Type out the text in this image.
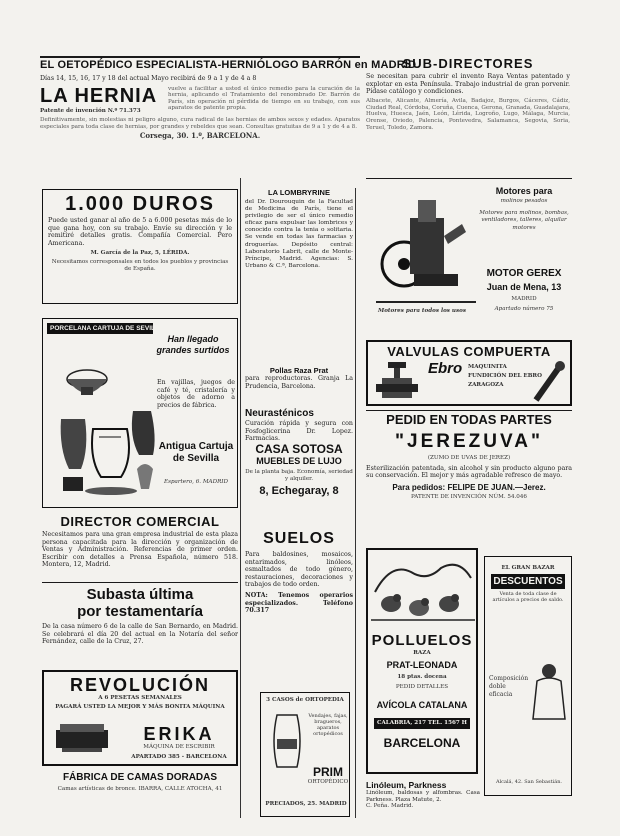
EL OETOPÉDICO ESPECIALISTA-HERNIÓLOGO BARRÓN en MADRID
Días 14, 15, 16, 17 y 18 del actual Mayo recibirá de 9 a 1 y de 4 a 8
LA HERNIA
Patente de invención N.º 71.373
vuelve a facilitar a usted el único remedio para la curación de la hernia, aplicando el Tratamiento del renombrado Dr. Barrón de París, sin operación ni pérdida de tiempo en su trabajo, con sus aparatos de patente propia.
Definitivamente, sin molestias ni peligro alguno, cura radical de las hernias de ambos sexos y edades. Aparatos especiales para toda clase de hernias, por grandes y rebeldes que sean. Consultas gratuitas de 9 a 1 y de 4 a 8.
Corsega, 30. 1.º, BARCELONA.
1.000 DUROS
Puede usted ganar al año de 5 a 6.000 pesetas más de lo que gana hoy, con su trabajo. Envíe su dirección y le remitiré detalles gratis. Compañía Comercial. Pero Americana.
M. García de la Paz, 5, LÉRIDA.
Necesitamos corresponsales en todos los pueblos y provincias de España.
PORCELANA CARTUJA DE SEVILLA
Han llegado grandes surtidos
En vajillas, juegos de café y té, cristalería y objetos de adorno a precios de fábrica.
Antigua Cartuja de Sevilla
Espartero, 6. MADRID
DIRECTOR COMERCIAL
Necesitamos para una gran empresa industrial de esta plaza persona capacitada para la dirección y organización de Ventas y Administración. Referencias de primer orden. Escribir con detalles a Prensa Española, número 518. Montera, 12, Madrid.
Subasta última
por testamentaría
De la casa número 6 de la calle de San Bernardo, en Madrid. Se celebrará el día 20 del actual en la Notaría del señor Fernández, calle de la Cruz, 27.
REVOLUCIÓN
A 6 PESETAS SEMANALES
PAGARÁ USTED LA MEJOR Y MÁS BONITA MÁQUINA
ERIKA
MÁQUINA DE ESCRIBIR
APARTADO 385 - BARCELONA
FÁBRICA DE CAMAS DORADAS
Camas artísticas de bronce. IBARRA, CALLE ATOCHA, 41
LA LOMBRYRINE
del Dr. Dourouquin de la Facultad de Medicina de París, tiene el privilegio de ser el único remedio eficaz para expulsar las lombrices y conocido contra la tenia o solitaria. Se vende en todas las farmacias y droguerías. Depósito central: Laboratorio Labrit, calle de Monte-Príncipe, Madrid. Agencias: S. Urbano & C.ª, Barcelona.
Pollas Raza Prat
para reproductoras. Granja La Prudencia, Barcelona.
Neurasténicos
Curación rápida y segura con Fosfoglicerina Dr. Lopez. Farmacias.
CASA SOTOSA
MUEBLES DE LUJO
De la planta baja. Economía, seriedad y alquiler.
8, Echegaray, 8
SUELOS
Para baldosines, mosaicos, entarimados, linóleos, esmaltados de todo género, restauraciones, decoraciones y trabajos de todo orden.
NOTA: Tenemos operarios especializados. Teléfono 70.317
3 CASOS de ORTOPEDIA
Vendajes, fajas, bragueros, aparatos ortopédicos
PRIM
ORTOPÉDICO
PRECIADOS, 25. MADRID
SUB-DIRECTORES
Se necesitan para cubrir el invento Raya Ventas patentado y explotar en esta Península. Trabajo industrial de gran porvenir. Pídase catálogo y condiciones.
Albacete, Alicante, Almería, Avila, Badajoz, Burgos, Cáceres, Cádiz, Ciudad Real, Córdoba, Coruña, Cuenca, Gerona, Granada, Guadalajara, Huelva, Huesca, Jaén, León, Lérida, Logroño, Lugo, Málaga, Murcia, Orense, Oviedo, Palencia, Pontevedra, Salamanca, Segovia, Soria, Teruel, Toledo, Zamora.
Motores para todos los usos
Motores para
molinos pesados
Motores para molinos, bombas, ventiladores, talleres, alquilar motores
MOTOR GEREX
Juan de Mena, 13
MADRID
Apartado número 75
VALVULAS COMPUERTA
Ebro MAQUINITA
FUNDICIÓN DEL EBRO
ZARAGOZA
PEDID EN TODAS PARTES
"JEREZUVA"
(ZUMO DE UVAS DE JEREZ)
Esterilización patentada, sin alcohol y sin producto alguno para su conservación. El mejor y más agradable refresco de mayo.
Para pedidos: FELIPE DE JUAN.—Jerez.
PATENTE DE INVENCIÓN NÚM. 54.046
POLLUELOS
RAZA
PRAT-LEONADA
18 ptas. docena
PEDID DETALLES
AVÍCOLA CATALANA
CALABRIA, 217 TEL. 1567 H
BARCELONA
EL GRAN BAZAR
DESCUENTOS
Venta de toda clase de artículos a precios de saldo.
Composición doble eficacia
Alcalá, 42. San Sebastián.
Linóleum, Parkness
Linóleum, baldosas y alfombras. Casa Parkness. Plaza Matute, 2.
C. Peña. Madrid.
